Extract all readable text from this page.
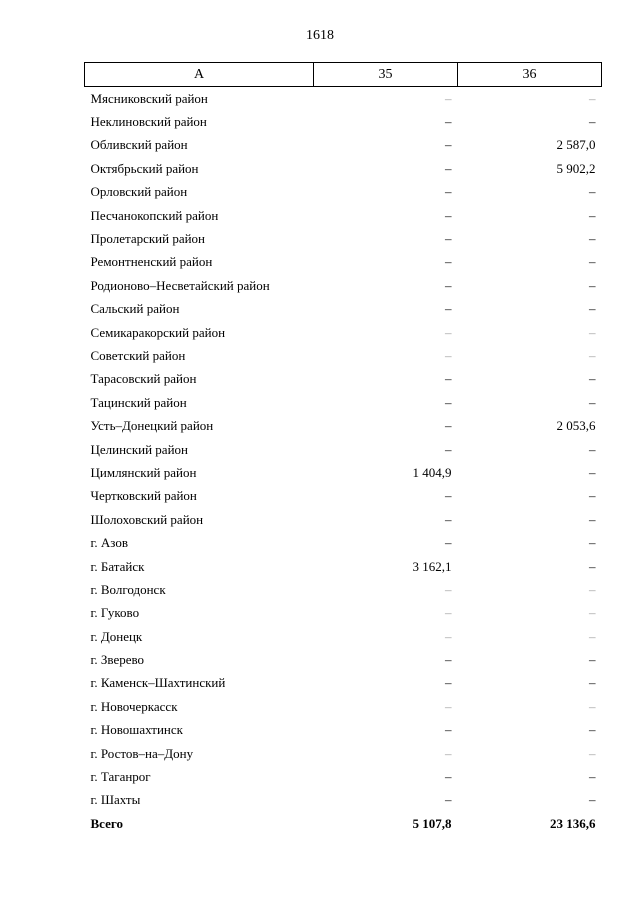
1618
А	35	36
Мясниковский район	–	–
Неклиновский район	–	–
Обливский район	–	2 587,0
Октябрьский район	–	5 902,2
Орловский район	–	–
Песчанокопский район	–	–
Пролетарский район	–	–
Ремонтненский район	–	–
Родионово–Несветайский район	–	–
Сальский район	–	–
Семикаракорский район	–	–
Советский район	–	–
Тарасовский район	–	–
Тацинский район	–	–
Усть–Донецкий район	–	2 053,6
Целинский район	–	–
Цимлянский район	1 404,9	–
Чертковский район	–	–
Шолоховский район	–	–
г. Азов	–	–
г. Батайск	3 162,1	–
г. Волгодонск	–	–
г. Гуково	–	–
г. Донецк	–	–
г. Зверево	–	–
г. Каменск–Шахтинский	–	–
г. Новочеркасск	–	–
г. Новошахтинск	–	–
г. Ростов–на–Дону	–	–
г. Таганрог	–	–
г. Шахты	–	–
Всего	5 107,8	23 136,6
